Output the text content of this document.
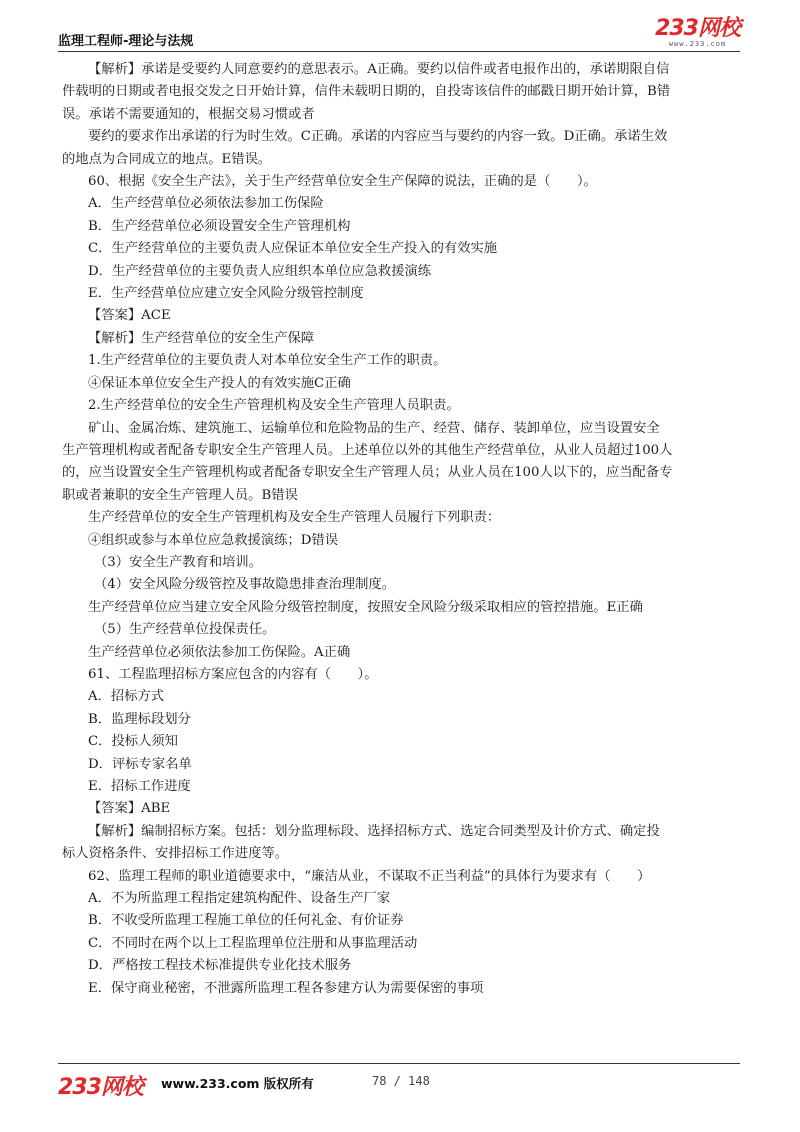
监理工程师-理论与法规
233网校
www.233.com
【解析】承诺是受要约人同意要约的意思表示。A正确。要约以信件或者电报作出的，承诺期限自信
件载明的日期或者电报交发之日开始计算，信件未载明日期的，自投寄该信件的邮戳日期开始计算，B错
误。承诺不需要通知的，根据交易习惯或者
要约的要求作出承诺的行为时生效。C正确。承诺的内容应当与要约的内容一致。D正确。承诺生效
的地点为合同成立的地点。E错误。
60、根据《安全生产法》，关于生产经营单位安全生产保障的说法，正确的是（　　）。
A．生产经营单位必须依法参加工伤保险
B．生产经营单位必须设置安全生产管理机构
C．生产经营单位的主要负责人应保证本单位安全生产投入的有效实施
D．生产经营单位的主要负责人应组织本单位应急救援演练
E．生产经营单位应建立安全风险分级管控制度
【答案】ACE
【解析】生产经营单位的安全生产保障
1.生产经营单位的主要负责人对本单位安全生产工作的职责。
④保证本单位安全生产投人的有效实施C正确
2.生产经营单位的安全生产管理机构及安全生产管理人员职责。
矿山、金属冶炼、建筑施工、运输单位和危险物品的生产、经营、储存、装卸单位，应当设置安全
生产管理机构或者配备专职安全生产管理人员。上述单位以外的其他生产经营单位，从业人员超过100人
的，应当设置安全生产管理机构或者配备专职安全生产管理人员；从业人员在100人以下的，应当配备专
职或者兼职的安全生产管理人员。B错误
生产经营单位的安全生产管理机构及安全生产管理人员履行下列职责：
④组织或参与本单位应急救援演练；D错误
（3）安全生产教育和培训。
（4）安全风险分级管控及事故隐患排查治理制度。
生产经营单位应当建立安全风险分级管控制度，按照安全风险分级采取相应的管控措施。E正确
（5）生产经营单位投保责任。
生产经营单位必须依法参加工伤保险。A正确
61、工程监理招标方案应包含的内容有（　　）。
A．招标方式
B．监理标段划分
C．投标人须知
D．评标专家名单
E．招标工作进度
【答案】ABE
【解析】编制招标方案。包括：划分监理标段、选择招标方式、选定合同类型及计价方式、确定投
标人资格条件、安排招标工作进度等。
62、监理工程师的职业道德要求中，“廉洁从业，不谋取不正当利益”的具体行为要求有（　　）
A．不为所监理工程指定建筑构配件、设备生产厂家
B．不收受所监理工程施工单位的任何礼金、有价证券
C．不同时在两个以上工程监理单位注册和从事监理活动
D．严格按工程技术标准提供专业化技术服务
E．保守商业秘密，不泄露所监理工程各参建方认为需要保密的事项
233网校 www.233.com 版权所有	78 / 148
